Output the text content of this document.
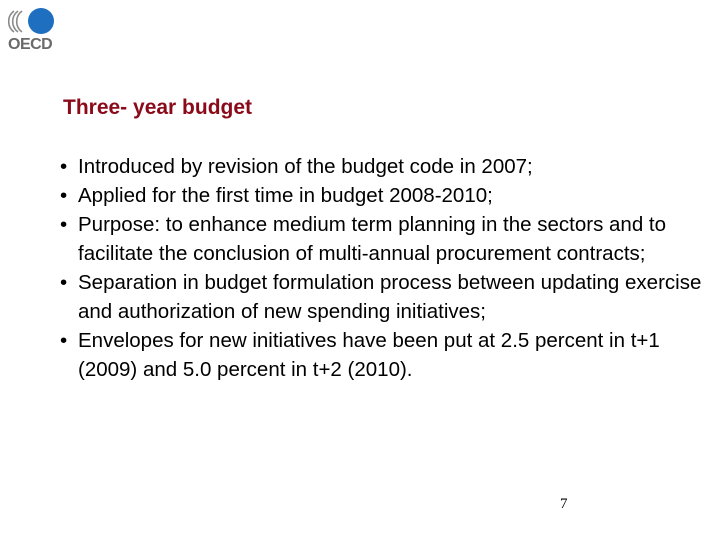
OECD
Three- year budget
• Introduced by revision of the budget code in 2007;
• Applied for the first time in budget 2008-2010;
• Purpose: to enhance medium term planning in the sectors and to facilitate the conclusion of multi-annual procurement contracts;
• Separation in budget formulation process between updating exercise and authorization of new spending initiatives;
• Envelopes for new initiatives have been put at 2.5 percent in t+1 (2009) and 5.0 percent in t+2 (2010).
7
